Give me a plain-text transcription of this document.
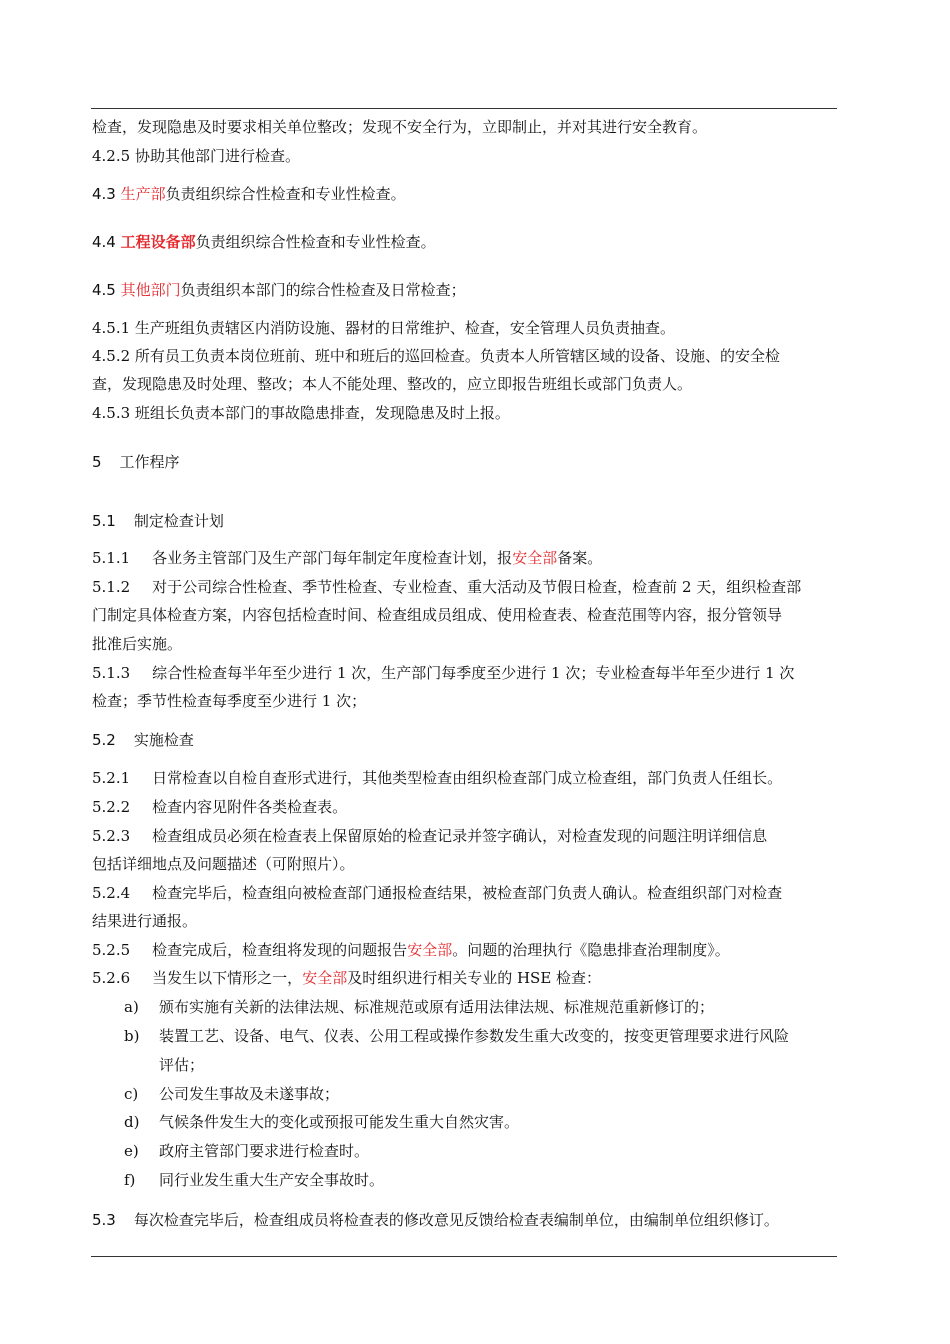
检查，发现隐患及时要求相关单位整改；发现不安全行为，立即制止，并对其进行安全教育。
4.2.5 协助其他部门进行检查。
4.3 生产部负责组织综合性检查和专业性检查。
4.4 工程设备部负责组织综合性检查和专业性检查。
4.5 其他部门负责组织本部门的综合性检查及日常检查；
4.5.1 生产班组负责辖区内消防设施、器材的日常维护、检查，安全管理人员负责抽查。
4.5.2 所有员工负责本岗位班前、班中和班后的巡回检查。负责本人所管辖区域的设备、设施、的安全检
查，发现隐患及时处理、整改；本人不能处理、整改的，应立即报告班组长或部门负责人。
4.5.3 班组长负责本部门的事故隐患排查，发现隐患及时上报。
5 工作程序
5.1 制定检查计划
5.1.1 各业务主管部门及生产部门每年制定年度检查计划，报安全部备案。
5.1.2 对于公司综合性检查、季节性检查、专业检查、重大活动及节假日检查，检查前 2 天，组织检查部
门制定具体检查方案，内容包括检查时间、检查组成员组成、使用检查表、检查范围等内容，报分管领导
批准后实施。
5.1.3 综合性检查每半年至少进行 1 次，生产部门每季度至少进行 1 次；专业检查每半年至少进行 1 次
检查；季节性检查每季度至少进行 1 次；
5.2 实施检查
5.2.1 日常检查以自检自查形式进行，其他类型检查由组织检查部门成立检查组，部门负责人任组长。
5.2.2 检查内容见附件各类检查表。
5.2.3 检查组成员必须在检查表上保留原始的检查记录并签字确认，对检查发现的问题注明详细信息
包括详细地点及问题描述（可附照片）。
5.2.4 检查完毕后，检查组向被检查部门通报检查结果，被检查部门负责人确认。检查组织部门对检查
结果进行通报。
5.2.5 检查完成后，检查组将发现的问题报告安全部。问题的治理执行《隐患排查治理制度》。
5.2.6 当发生以下情形之一，安全部及时组织进行相关专业的 HSE 检查：
a) 颁布实施有关新的法律法规、标准规范或原有适用法律法规、标准规范重新修订的；
b) 装置工艺、设备、电气、仪表、公用工程或操作参数发生重大改变的，按变更管理要求进行风险
评估；
c) 公司发生事故及未遂事故；
d) 气候条件发生大的变化或预报可能发生重大自然灾害。
e) 政府主管部门要求进行检查时。
f) 同行业发生重大生产安全事故时。
5.3 每次检查完毕后，检查组成员将检查表的修改意见反馈给检查表编制单位，由编制单位组织修订。
